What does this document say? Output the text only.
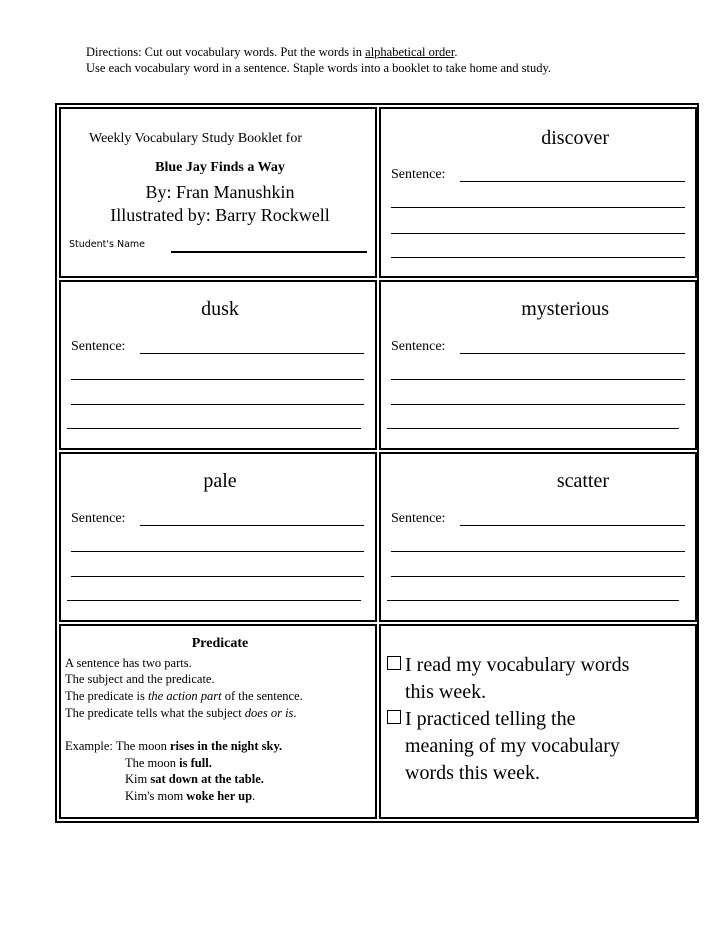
Directions: Cut out vocabulary words. Put the words in alphabetical order.
Use each vocabulary word in a sentence. Staple words into a booklet to take home and study.
Weekly Vocabulary Study Booklet for
Blue Jay Finds a Way
By: Fran Manushkin
Illustrated by: Barry Rockwell
Student's Name
discover
Sentence:
dusk
Sentence:
mysterious
Sentence:
pale
Sentence:
scatter
Sentence:
Predicate
A sentence has two parts.
The subject and the predicate.
The predicate is the action part of the sentence.
The predicate tells what the subject does or is.
Example: The moon rises in the night sky.
The moon is full.
Kim sat down at the table.
Kim's mom woke her up.
I read my vocabulary words
this week.
I practiced telling the
meaning of my vocabulary
words this week.
